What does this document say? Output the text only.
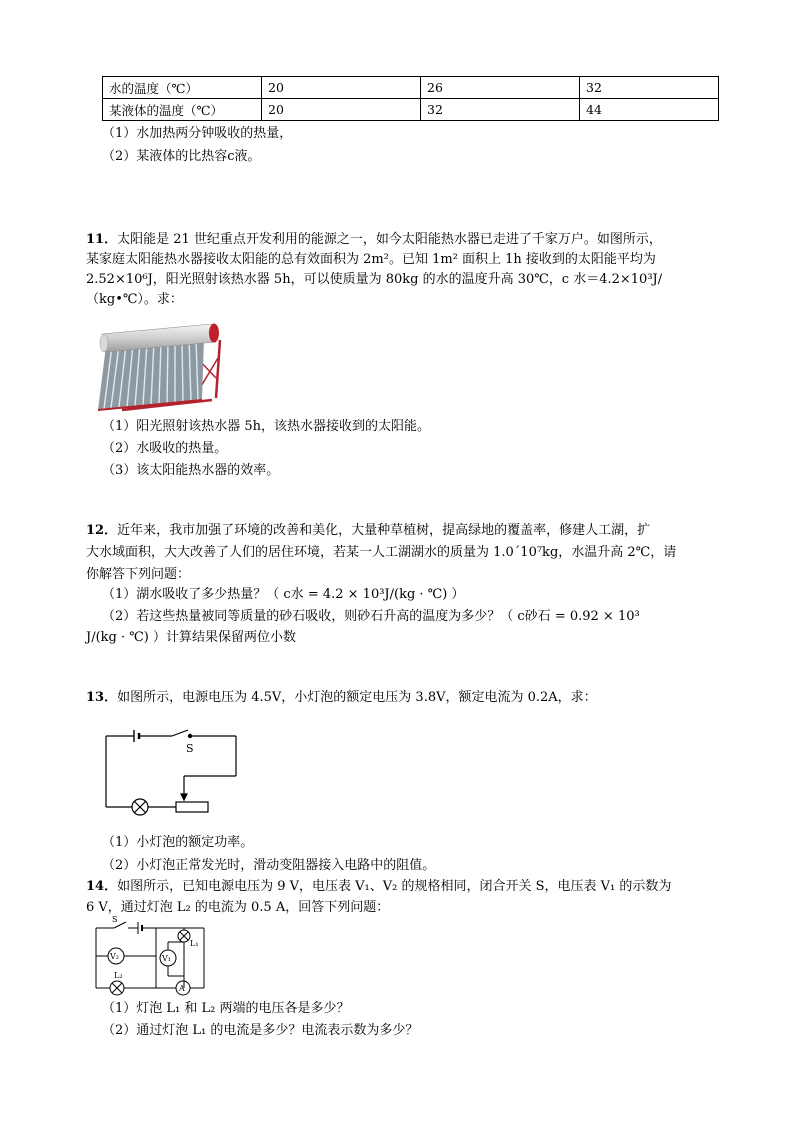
水的温度（℃）	20	26	32
某液体的温度（℃）	20	32	44
（1）水加热两分钟吸收的热量，
（2）某液体的比热容c液。
11．太阳能是 21 世纪重点开发利用的能源之一，如今太阳能热水器已走进了千家万户。如图所示，
某家庭太阳能热水器接收太阳能的总有效面积为 2m²。已知 1m² 面积上 1h 接收到的太阳能平均为
2.52×10⁶J，阳光照射该热水器 5h，可以使质量为 80kg 的水的温度升高 30℃，c 水＝4.2×10³J/
（kg•℃）。求：
（1）阳光照射该热水器 5h，该热水器接收到的太阳能。
（2）水吸收的热量。
（3）该太阳能热水器的效率。
12．近年来，我市加强了环境的改善和美化，大量种草植树，提高绿地的覆盖率，修建人工湖，扩
大水域面积，大大改善了人们的居住环境，若某一人工湖湖水的质量为 1.0´10⁷kg，水温升高 2℃，请
你解答下列问题：
（1）湖水吸收了多少热量？（ c水 = 4.2 × 10³J/(kg · ℃) ）
（2）若这些热量被同等质量的砂石吸收，则砂石升高的温度为多少？（ c砂石 = 0.92 × 10³
J/(kg · ℃) ）计算结果保留两位小数
13．如图所示，电源电压为 4.5V，小灯泡的额定电压为 3.8V，额定电流为 0.2A，求：
S
（1）小灯泡的额定功率。
（2）小灯泡正常发光时，滑动变阻器接入电路中的阻值。
14．如图所示，已知电源电压为 9 V，电压表 V₁、V₂ 的规格相同，闭合开关 S，电压表 V₁ 的示数为
6 V，通过灯泡 L₂ 的电流为 0.5 A，回答下列问题：
S
V₂	V₁
L₁
L₂
A
（1）灯泡 L₁ 和 L₂ 两端的电压各是多少？
（2）通过灯泡 L₁ 的电流是多少？电流表示数为多少？
